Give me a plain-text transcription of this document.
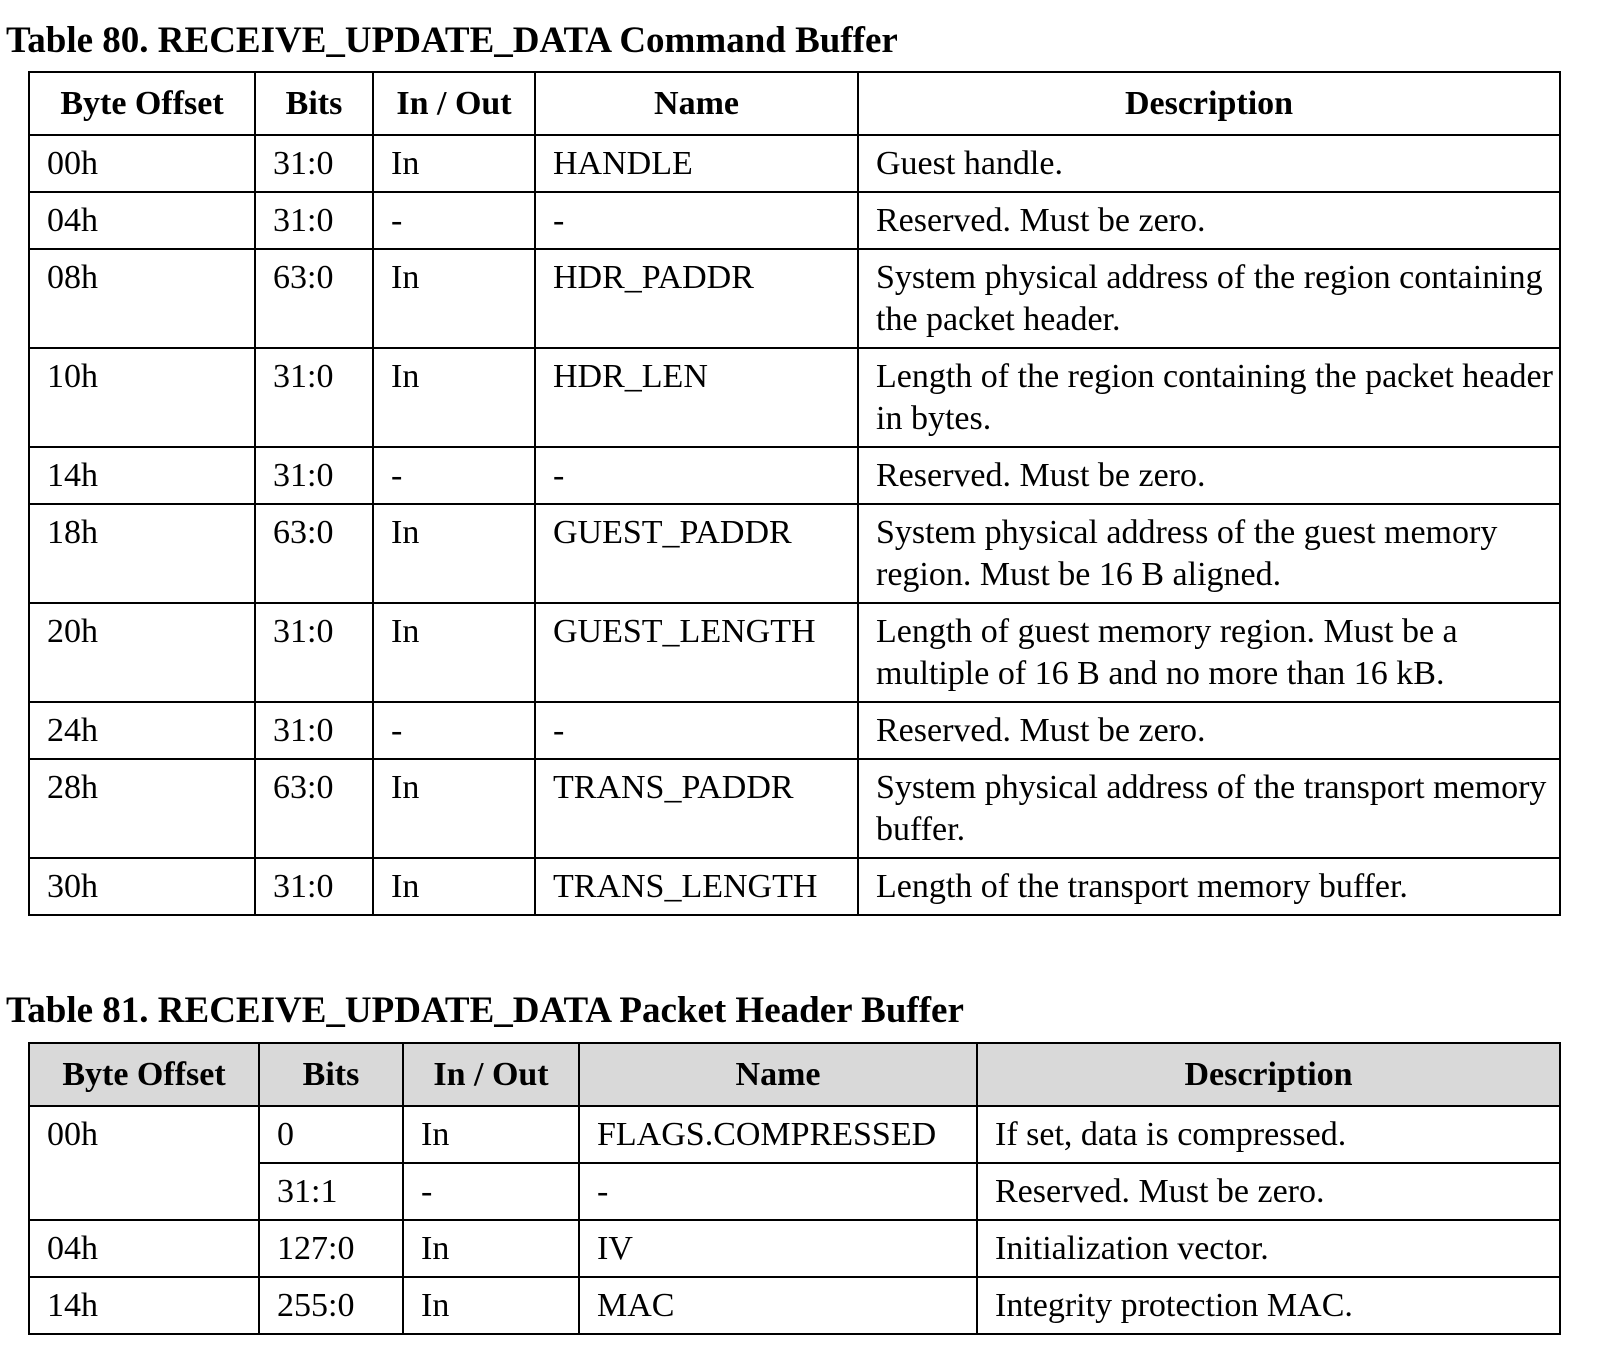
Table 80. RECEIVE_UPDATE_DATA Command Buffer
Byte Offset	Bits	In / Out	Name	Description
00h	31:0	In	HANDLE	Guest handle.
04h	31:0	-	-	Reserved. Must be zero.
08h	63:0	In	HDR_PADDR	System physical address of the region containing the packet header.
10h	31:0	In	HDR_LEN	Length of the region containing the packet header in bytes.
14h	31:0	-	-	Reserved. Must be zero.
18h	63:0	In	GUEST_PADDR	System physical address of the guest memory region. Must be 16 B aligned.
20h	31:0	In	GUEST_LENGTH	Length of guest memory region. Must be a multiple of 16 B and no more than 16 kB.
24h	31:0	-	-	Reserved. Must be zero.
28h	63:0	In	TRANS_PADDR	System physical address of the transport memory buffer.
30h	31:0	In	TRANS_LENGTH	Length of the transport memory buffer.
Table 81. RECEIVE_UPDATE_DATA Packet Header Buffer
Byte Offset	Bits	In / Out	Name	Description
00h	0	In	FLAGS.COMPRESSED	If set, data is compressed.
	31:1	-	-	Reserved. Must be zero.
04h	127:0	In	IV	Initialization vector.
14h	255:0	In	MAC	Integrity protection MAC.
